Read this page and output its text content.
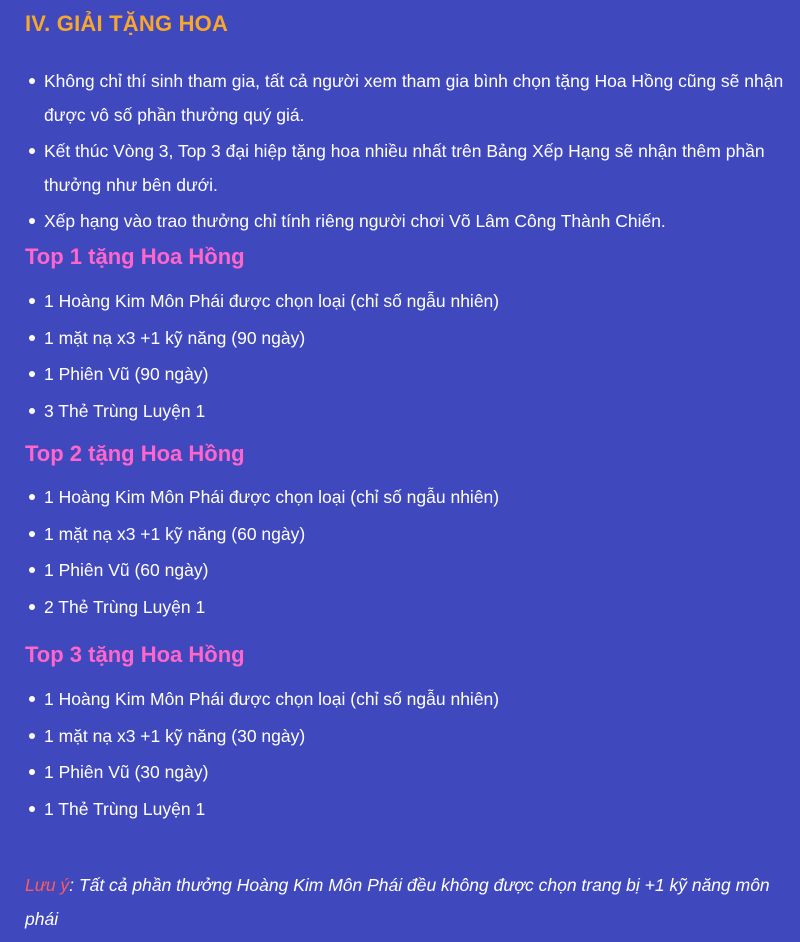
IV. GIẢI TẶNG HOA
Không chỉ thí sinh tham gia, tất cả người xem tham gia bình chọn tặng Hoa Hồng cũng sẽ nhận được vô số phần thưởng quý giá.
Kết thúc Vòng 3, Top 3 đại hiệp tặng hoa nhiều nhất trên Bảng Xếp Hạng sẽ nhận thêm phần thưởng như bên dưới.
Xếp hạng vào trao thưởng chỉ tính riêng người chơi Võ Lâm Công Thành Chiến.
Top 1 tặng Hoa Hồng
1 Hoàng Kim Môn Phái được chọn loại (chỉ số ngẫu nhiên)
1 mặt nạ x3 +1 kỹ năng (90 ngày)
1 Phiên Vũ (90 ngày)
3 Thẻ Trùng Luyện 1
Top 2 tặng Hoa Hồng
1 Hoàng Kim Môn Phái được chọn loại (chỉ số ngẫu nhiên)
1 mặt nạ x3 +1 kỹ năng (60 ngày)
1 Phiên Vũ (60 ngày)
2 Thẻ Trùng Luyện 1
Top 3 tặng Hoa Hồng
1 Hoàng Kim Môn Phái được chọn loại (chỉ số ngẫu nhiên)
1 mặt nạ x3 +1 kỹ năng (30 ngày)
1 Phiên Vũ (30 ngày)
1 Thẻ Trùng Luyện 1

Lưu ý: Tất cả phần thưởng Hoàng Kim Môn Phái đều không được chọn trang bị +1 kỹ năng môn phái
